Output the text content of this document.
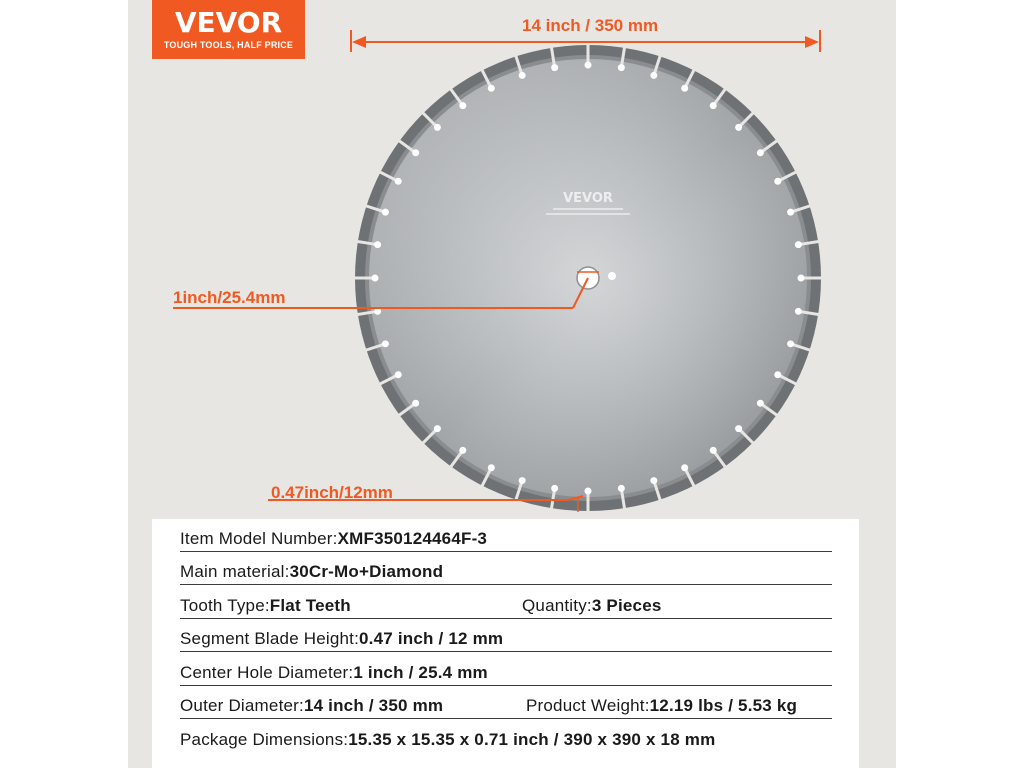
VEVOR
TOUGH TOOLS, HALF PRICE
VEVOR
14 inch / 350 mm
1inch/25.4mm
0.47inch/12mm
Item Model Number:XMF350124464F-3
Main material:30Cr-Mo+Diamond
Tooth Type:Flat Teeth	Quantity:3 Pieces
Segment Blade Height:0.47 inch / 12 mm
Center Hole Diameter:1 inch / 25.4 mm
Outer Diameter:14 inch / 350 mm	Product Weight:12.19 lbs / 5.53 kg
Package Dimensions:15.35 x 15.35 x 0.71 inch / 390 x 390 x 18 mm
